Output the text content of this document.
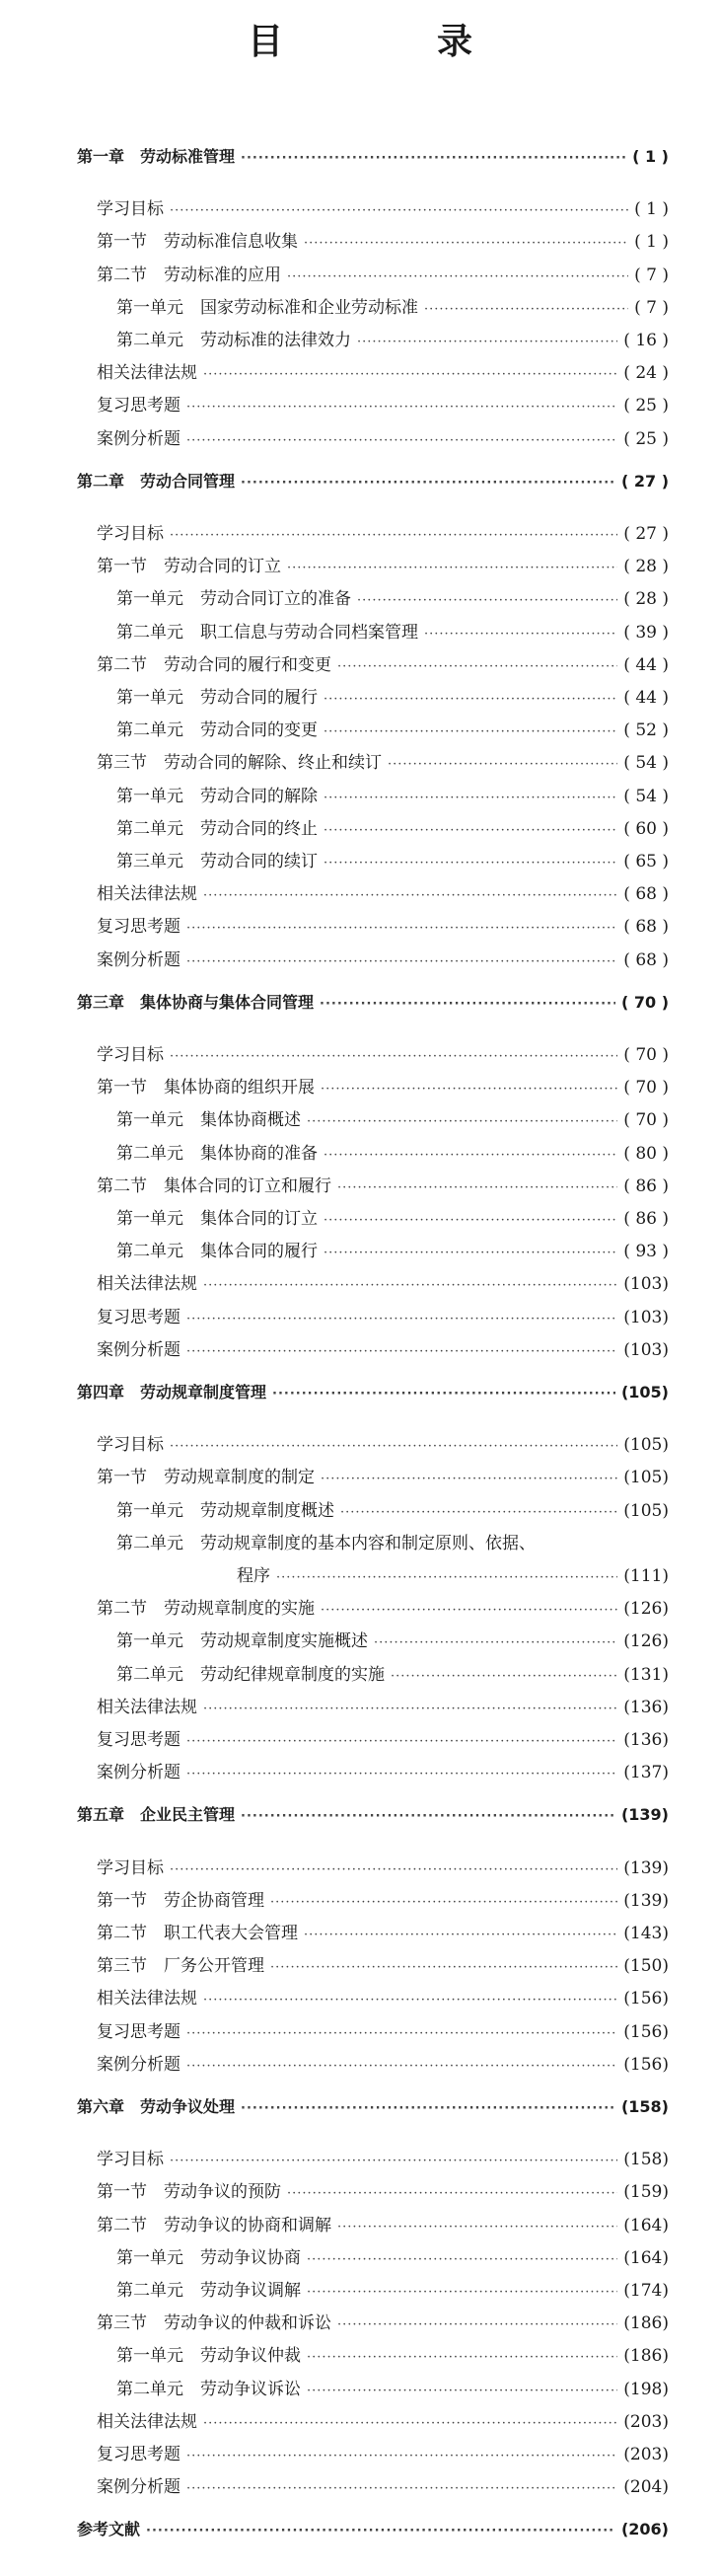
目　录
第一章　劳动标准管理 ·····	( 1 )
学习目标 ·····	( 1 )
第一节　劳动标准信息收集 ·····	( 1 )
第二节　劳动标准的应用 ·····	( 7 )
第一单元　国家劳动标准和企业劳动标准 ·····	( 7 )
第二单元　劳动标准的法律效力 ·····	( 16 )
相关法律法规 ·····	( 24 )
复习思考题 ·····	( 25 )
案例分析题 ·····	( 25 )
第二章　劳动合同管理 ·····	( 27 )
学习目标 ·····	( 27 )
第一节　劳动合同的订立 ·····	( 28 )
第一单元　劳动合同订立的准备 ·····	( 28 )
第二单元　职工信息与劳动合同档案管理 ·····	( 39 )
第二节　劳动合同的履行和变更 ·····	( 44 )
第一单元　劳动合同的履行 ·····	( 44 )
第二单元　劳动合同的变更 ·····	( 52 )
第三节　劳动合同的解除、终止和续订 ·····	( 54 )
第一单元　劳动合同的解除 ·····	( 54 )
第二单元　劳动合同的终止 ·····	( 60 )
第三单元　劳动合同的续订 ·····	( 65 )
相关法律法规 ·····	( 68 )
复习思考题 ·····	( 68 )
案例分析题 ·····	( 68 )
第三章　集体协商与集体合同管理 ·····	( 70 )
学习目标 ·····	( 70 )
第一节　集体协商的组织开展 ·····	( 70 )
第一单元　集体协商概述 ·····	( 70 )
第二单元　集体协商的准备 ·····	( 80 )
第二节　集体合同的订立和履行 ·····	( 86 )
第一单元　集体合同的订立 ·····	( 86 )
第二单元　集体合同的履行 ·····	( 93 )
相关法律法规 ·····	(103)
复习思考题 ·····	(103)
案例分析题 ·····	(103)
第四章　劳动规章制度管理 ·····	(105)
学习目标 ·····	(105)
第一节　劳动规章制度的制定 ·····	(105)
第一单元　劳动规章制度概述 ·····	(105)
第二单元　劳动规章制度的基本内容和制定原则、依据、
程序 ·····	(111)
第二节　劳动规章制度的实施 ·····	(126)
第一单元　劳动规章制度实施概述 ·····	(126)
第二单元　劳动纪律规章制度的实施 ·····	(131)
相关法律法规 ·····	(136)
复习思考题 ·····	(136)
案例分析题 ·····	(137)
第五章　企业民主管理 ·····	(139)
学习目标 ·····	(139)
第一节　劳企协商管理 ·····	(139)
第二节　职工代表大会管理 ·····	(143)
第三节　厂务公开管理 ·····	(150)
相关法律法规 ·····	(156)
复习思考题 ·····	(156)
案例分析题 ·····	(156)
第六章　劳动争议处理 ·····	(158)
学习目标 ·····	(158)
第一节　劳动争议的预防 ·····	(159)
第二节　劳动争议的协商和调解 ·····	(164)
第一单元　劳动争议协商 ·····	(164)
第二单元　劳动争议调解 ·····	(174)
第三节　劳动争议的仲裁和诉讼 ·····	(186)
第一单元　劳动争议仲裁 ·····	(186)
第二单元　劳动争议诉讼 ·····	(198)
相关法律法规 ·····	(203)
复习思考题 ·····	(203)
案例分析题 ·····	(204)
参考文献 ·····	(206)
